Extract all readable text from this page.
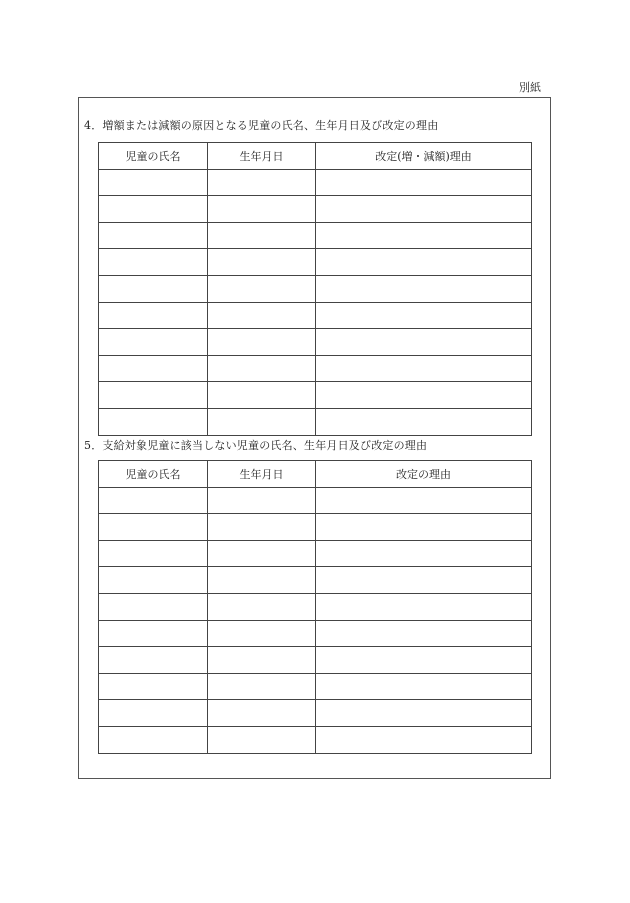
別紙
4．増額または減額の原因となる児童の氏名、生年月日及び改定の理由
児童の氏名	生年月日	改定(増・減額)理由

5．支給対象児童に該当しない児童の氏名、生年月日及び改定の理由
児童の氏名	生年月日	改定の理由
